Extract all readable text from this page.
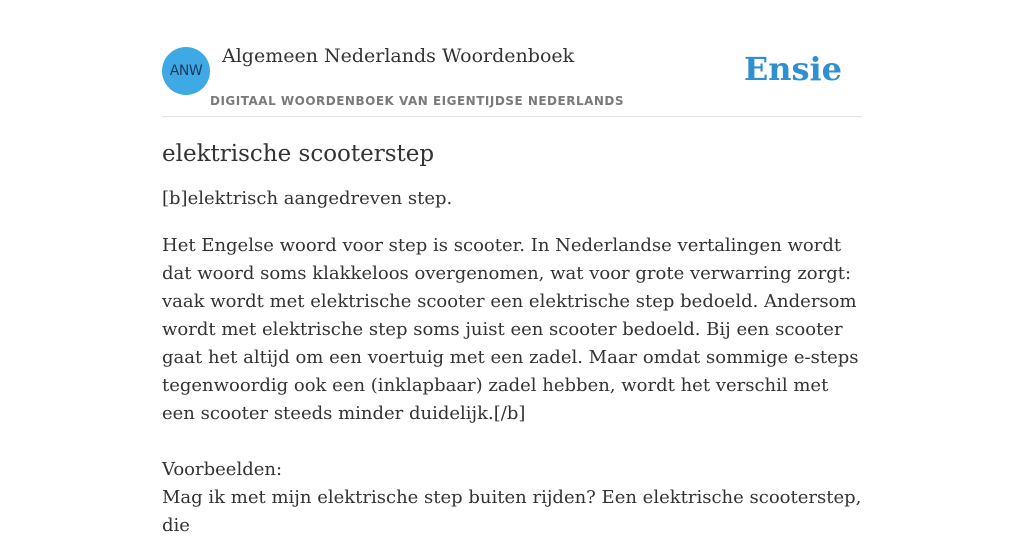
ANW
Algemeen Nederlands Woordenboek
DIGITAAL WOORDENBOEK VAN EIGENTIJDSE NEDERLANDS
Ensie
elektrische scooterstep

[b]elektrisch aangedreven step.

Het Engelse woord voor step is scooter. In Nederlandse vertalingen wordt dat woord soms klakkeloos overgenomen, wat voor grote verwarring zorgt: vaak wordt met elektrische scooter een elektrische step bedoeld. Andersom wordt met elektrische step soms juist een scooter bedoeld. Bij een scooter gaat het altijd om een voertuig met een zadel. Maar omdat sommige e-steps tegenwoordig ook een (inklapbaar) zadel hebben, wordt het verschil met een scooter steeds minder duidelijk.[/b]

Voorbeelden:

Mag ik met mijn elektrische step buiten rijden? Een elektrische scooterstep, die
